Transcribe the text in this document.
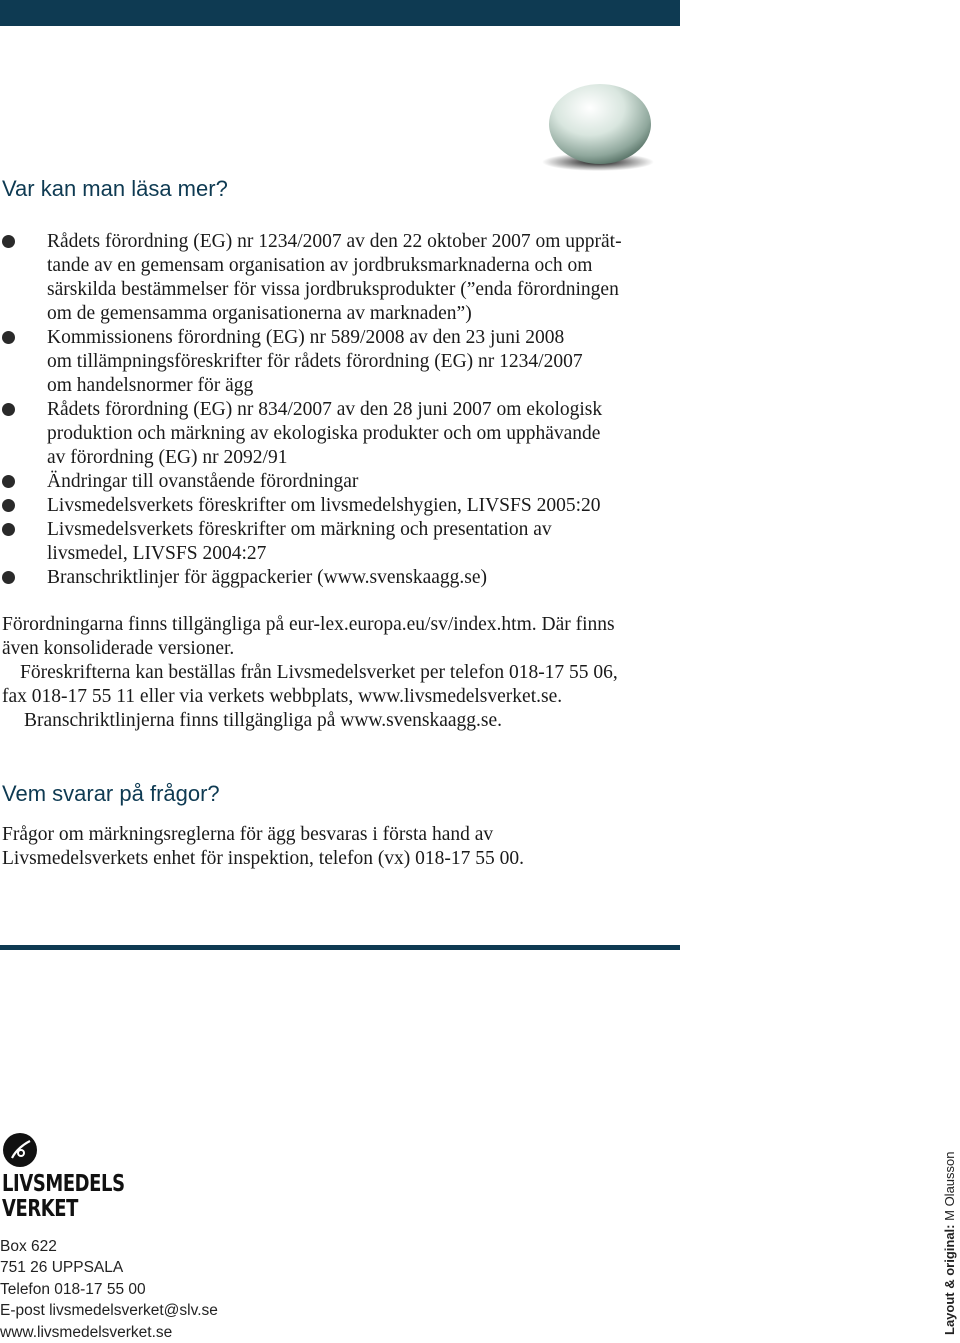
Var kan man läsa mer?
Rådets förordning (EG) nr 1234/2007 av den 22 oktober 2007 om upprät-
tande av en gemensam organisation av jordbruksmarknaderna och om
särskilda bestämmelser för vissa jordbruksprodukter (”enda förordningen
om de gemensamma organisationerna av marknaden”)
Kommissionens förordning (EG) nr 589/2008 av den 23 juni 2008
om tillämpningsföreskrifter för rådets förordning (EG) nr 1234/2007
om handelsnormer för ägg
Rådets förordning (EG) nr 834/2007 av den 28 juni 2007 om ekologisk
produktion och märkning av ekologiska produkter och om upphävande
av förordning (EG) nr 2092/91
Ändringar till ovanstående förordningar
Livsmedelsverkets föreskrifter om livsmedelshygien, LIVSFS 2005:20
Livsmedelsverkets föreskrifter om märkning och presentation av
livsmedel, LIVSFS 2004:27
Branschriktlinjer för äggpackerier (www.svenskaagg.se)
Förordningarna finns tillgängliga på eur-lex.europa.eu/sv/index.htm. Där finns
även konsoliderade versioner.
Föreskrifterna kan beställas från Livsmedelsverket per telefon 018-17 55 06,
fax 018-17 55 11 eller via verkets webbplats, www.livsmedelsverket.se.
Branschriktlinjerna finns tillgängliga på www.svenskaagg.se.
Vem svarar på frågor?
Frågor om märkningsreglerna för ägg besvaras i första hand av
Livsmedelsverkets enhet för inspektion, telefon (vx) 018-17 55 00.
LIVSMEDELS
VERKET
Box 622
751 26 UPPSALA
Telefon 018-17 55 00
E-post livsmedelsverket@slv.se
www.livsmedelsverket.se	Layout & original: M Olausson
